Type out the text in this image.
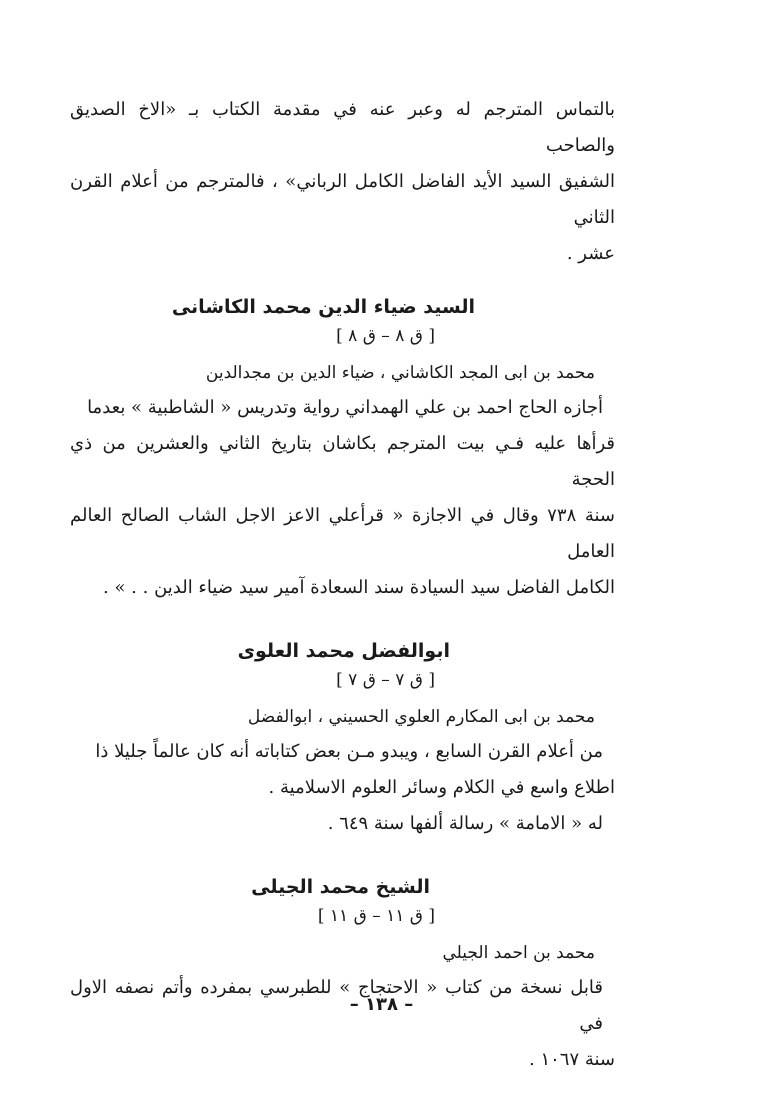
بالتماس المترجم له وعبر عنه في مقدمة الكتاب بـ «الاخ الصديق والصاحب

الشفيق السيد الأيد الفاضل الكامل الرباني» ، فالمترجم من أعلام القرن الثاني

عشر .

السيد ضياء الدين محمد الكاشانى

[ ق ٨ – ق ٨ ]

محمد بن ابى المجد الكاشاني ، ضياء الدين بن مجدالدين

أجازه الحاج احمد بن علي الهمداني رواية وتدريس « الشاطبية » بعدما

قرأها عليه فـي بيت المترجم بكاشان بتاريخ الثاني والعشرين من ذي الحجة

سنة ٧٣٨ وقال في الاجازة « قرأعلي الاعز الاجل الشاب الصالح العالم العامل

الكامل الفاضل سيد السيادة سند السعادة آمير سيد ضياء الدين . . » .

ابوالفضل محمد العلوى

[ ق ٧ – ق ٧ ]

محمد بن ابى المكارم العلوي الحسيني ، ابوالفضل

من أعلام القرن السابع ، ويبدو مـن بعض كتاباته أنه كان عالماً جليلا ذا

اطلاع واسع في الكلام وسائر العلوم الاسلامية .

له « الامامة » رسالة ألفها سنة ٦٤٩ .

الشيخ محمد الجيلى

[ ق ١١ – ق ١١ ]

محمد بن احمد الجيلي

قابل نسخة من كتاب « الاحتجاج » للطبرسي بمفرده وأتم نصفه الاول في

سنة ١٠٦٧ .

– ١٣٨ –
